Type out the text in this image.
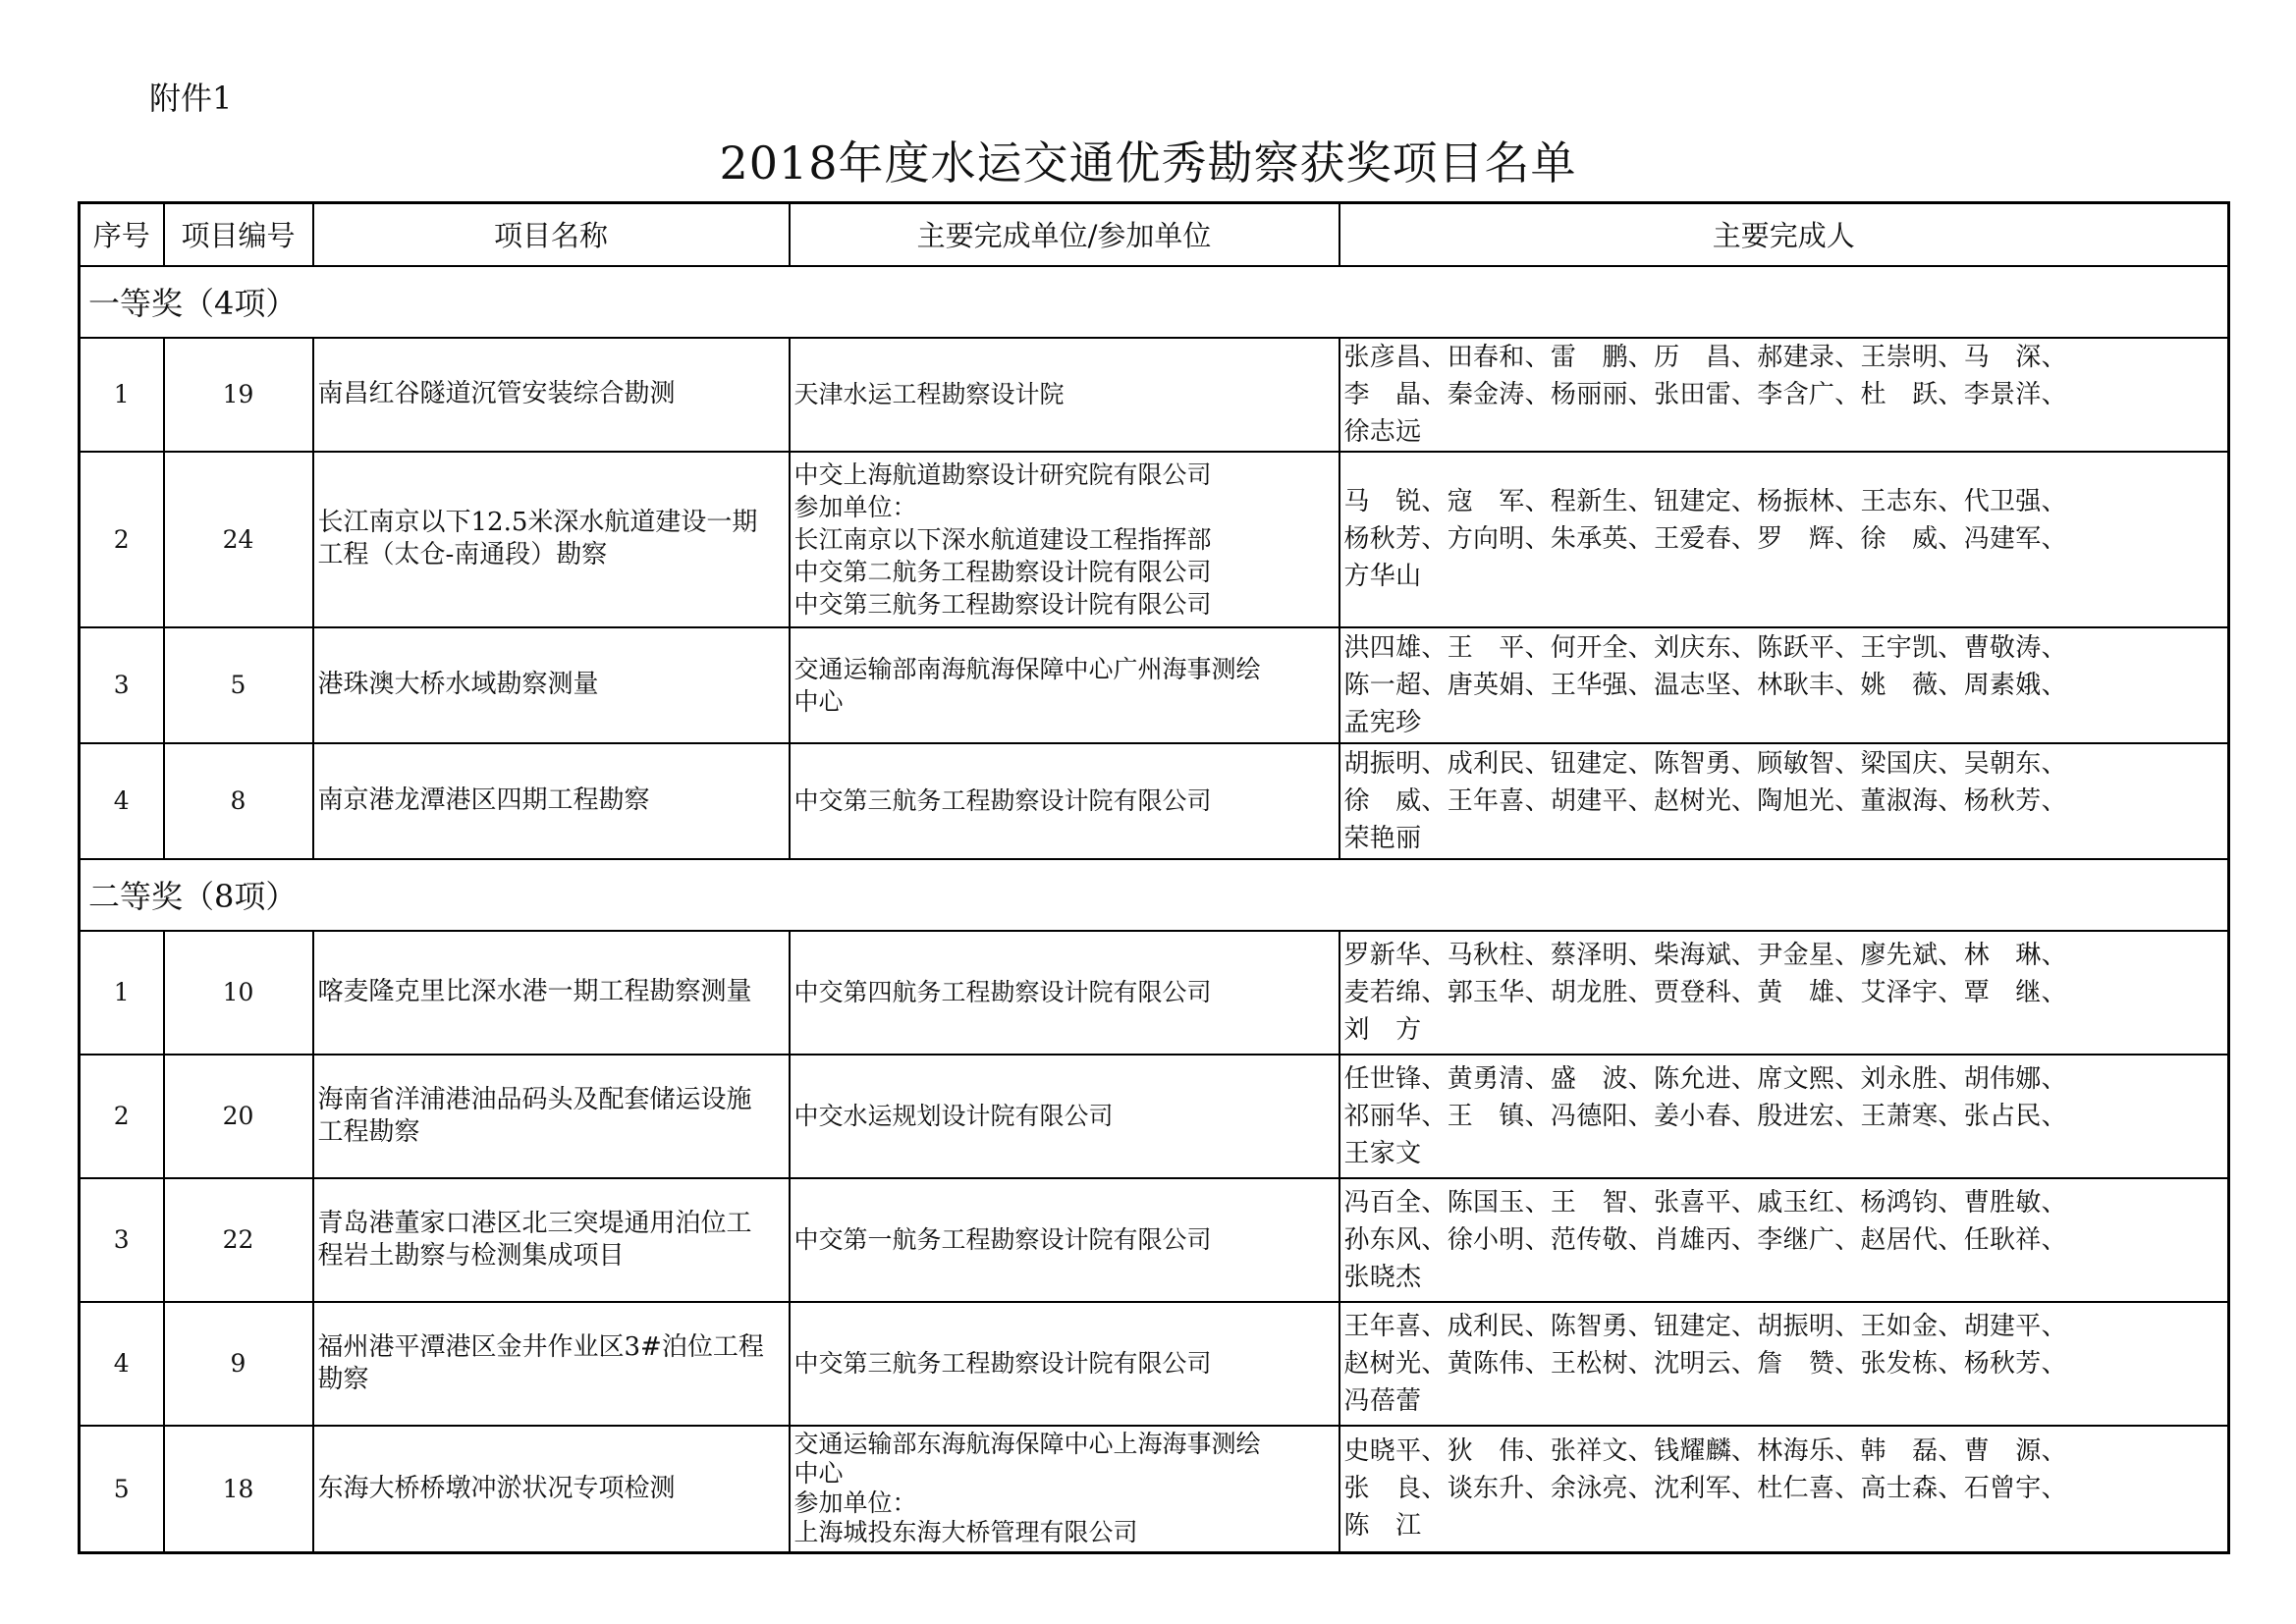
附件1
2018年度水运交通优秀勘察获奖项目名单
序号	项目编号	项目名称	主要完成单位/参加单位	主要完成人
一等奖（4项）				
1	19	南昌红谷隧道沉管安装综合勘测	天津水运工程勘察设计院	张彦昌、田春和、雷　鹏、历　昌、郝建录、王崇明、马　深、
李　晶、秦金涛、杨丽丽、张田雷、李含广、杜　跃、李景洋、
徐志远

2	24	长江南京以下12.5米深水航道建设一期
工程（太仓-南通段）勘察	中交上海航道勘察设计研究院有限公司
参加单位：
长江南京以下深水航道建设工程指挥部
中交第二航务工程勘察设计院有限公司
中交第三航务工程勘察设计院有限公司	马　锐、寇　军、程新生、钮建定、杨振林、王志东、代卫强、
杨秋芳、方向明、朱承英、王爱春、罗　辉、徐　威、冯建军、
方华山

3	5	港珠澳大桥水域勘察测量	交通运输部南海航海保障中心广州海事测绘
中心	洪四雄、王　平、何开全、刘庆东、陈跃平、王宇凯、曹敬涛、
陈一超、唐英娟、王华强、温志坚、林耿丰、姚　薇、周素娥、
孟宪珍

4	8	南京港龙潭港区四期工程勘察	中交第三航务工程勘察设计院有限公司	胡振明、成利民、钮建定、陈智勇、顾敏智、梁国庆、吴朝东、
徐　威、王年喜、胡建平、赵树光、陶旭光、董淑海、杨秋芳、
荣艳丽

二等奖（8项）				
1	10	喀麦隆克里比深水港一期工程勘察测量	中交第四航务工程勘察设计院有限公司	罗新华、马秋柱、蔡泽明、柴海斌、尹金星、廖先斌、林　琳、
麦若绵、郭玉华、胡龙胜、贾登科、黄　雄、艾泽宇、覃　继、
刘　方

2	20	海南省洋浦港油品码头及配套储运设施
工程勘察	中交水运规划设计院有限公司	任世锋、黄勇清、盛　波、陈允进、席文熙、刘永胜、胡伟娜、
祁丽华、王　镇、冯德阳、姜小春、殷进宏、王萧寒、张占民、
王家文

3	22	青岛港董家口港区北三突堤通用泊位工
程岩土勘察与检测集成项目	中交第一航务工程勘察设计院有限公司	冯百全、陈国玉、王　智、张喜平、戚玉红、杨鸿钧、曹胜敏、
孙东风、徐小明、范传敬、肖雄丙、李继广、赵居代、任耿祥、
张晓杰

4	9	福州港平潭港区金井作业区3#泊位工程
勘察	中交第三航务工程勘察设计院有限公司	王年喜、成利民、陈智勇、钮建定、胡振明、王如金、胡建平、
赵树光、黄陈伟、王松树、沈明云、詹　赞、张发栋、杨秋芳、
冯蓓蕾

5	18	东海大桥桥墩冲淤状况专项检测	交通运输部东海航海保障中心上海海事测绘
中心
参加单位：
上海城投东海大桥管理有限公司	史晓平、狄　伟、张祥文、钱耀麟、林海乐、韩　磊、曹　源、
张　良、谈东升、余泳亮、沈利军、杜仁喜、高士森、石曾宇、
陈　江
